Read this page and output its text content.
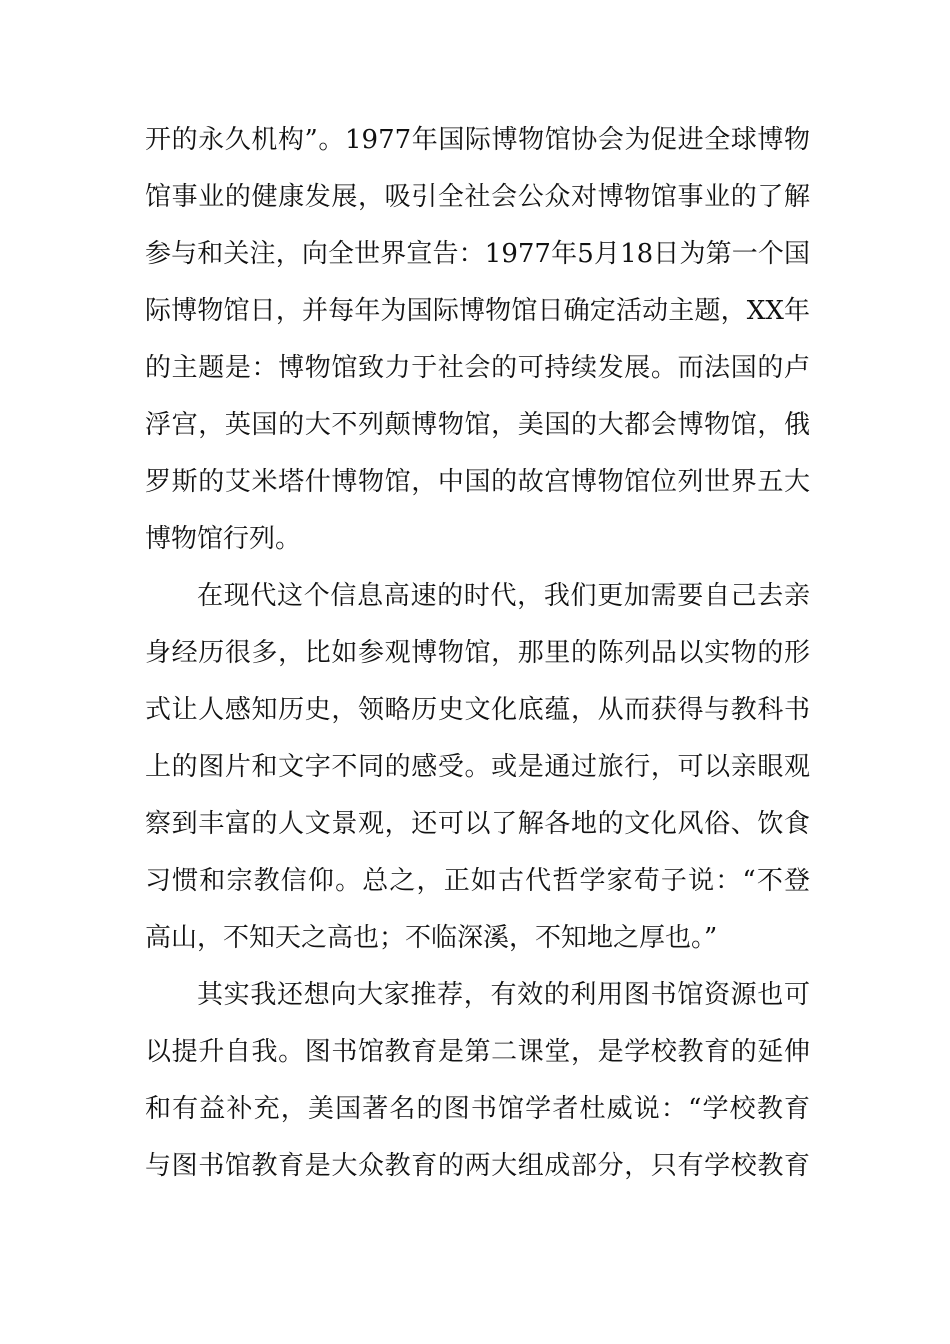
开的永久机构”。1977年国际博物馆协会为促进全球博物
馆事业的健康发展，吸引全社会公众对博物馆事业的了解
参与和关注，向全世界宣告：1977年5月18日为第一个国
际博物馆日，并每年为国际博物馆日确定活动主题，XX年
的主题是：博物馆致力于社会的可持续发展。而法国的卢
浮宫，英国的大不列颠博物馆，美国的大都会博物馆，俄
罗斯的艾米塔什博物馆，中国的故宫博物馆位列世界五大
博物馆行列。
在现代这个信息高速的时代，我们更加需要自己去亲
身经历很多，比如参观博物馆，那里的陈列品以实物的形
式让人感知历史，领略历史文化底蕴，从而获得与教科书
上的图片和文字不同的感受。或是通过旅行，可以亲眼观
察到丰富的人文景观，还可以了解各地的文化风俗、饮食
习惯和宗教信仰。总之，正如古代哲学家荀子说：“不登
高山，不知天之高也；不临深溪，不知地之厚也。”
其实我还想向大家推荐，有效的利用图书馆资源也可
以提升自我。图书馆教育是第二课堂，是学校教育的延伸
和有益补充，美国著名的图书馆学者杜威说：“学校教育
与图书馆教育是大众教育的两大组成部分，只有学校教育
